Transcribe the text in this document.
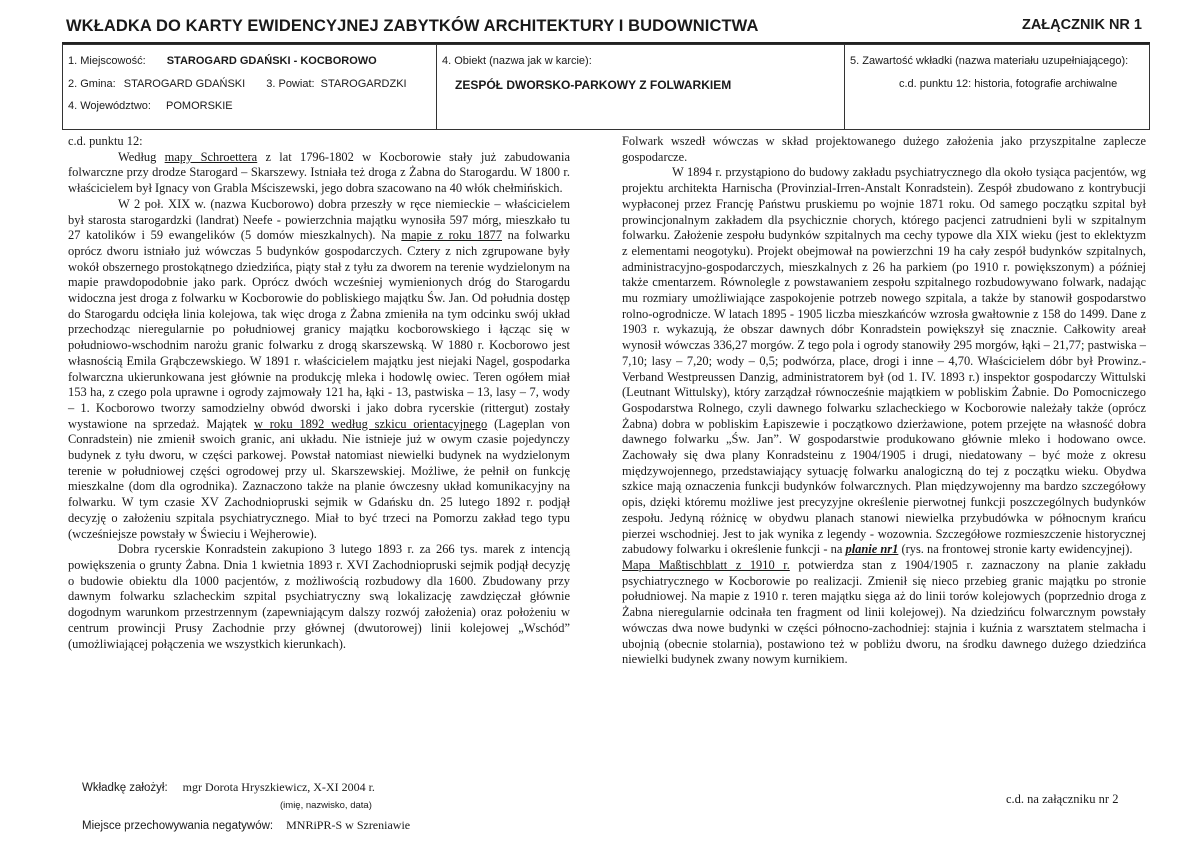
WKŁADKA DO KARTY EWIDENCYJNEJ ZABYTKÓW ARCHITEKTURY I BUDOWNICTWA	ZAŁĄCZNIK NR 1
1. Miejscowość: STAROGARD GDAŃSKI - KOCBOROWO
2. Gmina: STAROGARD GDAŃSKI 3. Powiat: STAROGARDZKI
4. Województwo: POMORSKIE
4. Obiekt (nazwa jak w karcie):
ZESPÓŁ DWORSKO-PARKOWY Z FOLWARKIEM
5. Zawartość wkładki (nazwa materiału uzupełniającego):
c.d. punktu 12: historia, fotografie archiwalne

c.d. punktu 12:

Według mapy Schroettera z lat 1796-1802 w Kocborowie stały już zabudowania folwarczne przy drodze Starogard – Skarszewy. Istniała też droga z Żabna do Starogardu. W 1800 r. właścicielem był Ignacy von Grabla Mściszewski, jego dobra szacowano na 40 włók chełmińskich.

W 2 poł. XIX w. (nazwa Kucborowo) dobra przeszły w ręce niemieckie – właścicielem był starosta starogardzki (landrat) Neefe - powierzchnia majątku wynosiła 597 mórg, mieszkało tu 27 katolików i 59 ewangelików (5 domów mieszkalnych). Na mapie z roku 1877 na folwarku oprócz dworu istniało już wówczas 5 budynków gospodarczych. Cztery z nich zgrupowane były wokół obszernego prostokątnego dziedzińca, piąty stał z tyłu za dworem na terenie wydzielonym na mapie prawdopodobnie jako park. Oprócz dwóch wcześniej wymienionych dróg do Starogardu widoczna jest droga z folwarku w Kocborowie do pobliskiego majątku Św. Jan. Od południa dostęp do Starogardu odcięła linia kolejowa, tak więc droga z Żabna zmieniła na tym odcinku swój układ przechodząc nieregularnie po południowej granicy majątku kocborowskiego i łącząc się w południowo-wschodnim narożu granic folwarku z drogą skarszewską. W 1880 r. Kocborowo jest własnością Emila Grąbczewskiego. W 1891 r. właścicielem majątku jest niejaki Nagel, gospodarka folwarczna ukierunkowana jest głównie na produkcję mleka i hodowlę owiec. Teren ogółem miał 153 ha, z czego pola uprawne i ogrody zajmowały 121 ha, łąki - 13, pastwiska – 13, lasy – 7, wody – 1. Kocborowo tworzy samodzielny obwód dworski i jako dobra rycerskie (rittergut) zostały wystawione na sprzedaż. Majątek w roku 1892 według szkicu orientacyjnego (Lageplan von Conradstein) nie zmienił swoich granic, ani układu. Nie istnieje już w owym czasie pojedynczy budynek z tyłu dworu, w części parkowej. Powstał natomiast niewielki budynek na wydzielonym terenie w południowej części ogrodowej przy ul. Skarszewskiej. Możliwe, że pełnił on funkcję mieszkalne (dom dla ogrodnika). Zaznaczono także na planie ówczesny układ komunikacyjny na folwarku. W tym czasie XV Zachodniopruski sejmik w Gdańsku dn. 25 lutego 1892 r. podjął decyzję o założeniu szpitala psychiatrycznego. Miał to być trzeci na Pomorzu zakład tego typu (wcześniejsze powstały w Świeciu i Wejherowie).

Dobra rycerskie Konradstein zakupiono 3 lutego 1893 r. za 266 tys. marek z intencją powiększenia o grunty Żabna. Dnia 1 kwietnia 1893 r. XVI Zachodniopruski sejmik podjął decyzję o budowie obiektu dla 1000 pacjentów, z możliwością rozbudowy dla 1600. Zbudowany przy dawnym folwarku szlacheckim szpital psychiatryczny swą lokalizację zawdzięczał głównie dogodnym warunkom przestrzennym (zapewniającym dalszy rozwój założenia) oraz położeniu w centrum prowincji Prusy Zachodnie przy głównej (dwutorowej) linii kolejowej „Wschód” (umożliwiającej połączenia we wszystkich kierunkach).

Folwark wszedł wówczas w skład projektowanego dużego założenia jako przyszpitalne zaplecze gospodarcze.

W 1894 r. przystąpiono do budowy zakładu psychiatrycznego dla około tysiąca pacjentów, wg projektu architekta Harnischa (Provinzial-Irren-Anstalt Konradstein). Zespół zbudowano z kontrybucji wypłaconej przez Francję Państwu pruskiemu po wojnie 1871 roku. Od samego początku szpital był prowincjonalnym zakładem dla psychicznie chorych, którego pacjenci zatrudnieni byli w szpitalnym folwarku. Założenie zespołu budynków szpitalnych ma cechy typowe dla XIX wieku (jest to eklektyzm z elementami neogotyku). Projekt obejmował na powierzchni 19 ha cały zespół budynków szpitalnych, administracyjno-gospodarczych, mieszkalnych z 26 ha parkiem (po 1910 r. powiększonym) a później także cmentarzem. Równolegle z powstawaniem zespołu szpitalnego rozbudowywano folwark, nadając mu rozmiary umożliwiające zaspokojenie potrzeb nowego szpitala, a także by stanowił gospodarstwo rolno-ogrodnicze. W latach 1895 - 1905 liczba mieszkańców wzrosła gwałtownie z 158 do 1499. Dane z 1903 r. wykazują, że obszar dawnych dóbr Konradstein powiększył się znacznie. Całkowity areał wynosił wówczas 336,27 morgów. Z tego pola i ogrody stanowiły 295 morgów, łąki – 21,77; pastwiska – 7,10; lasy – 7,20; wody – 0,5; podwórza, place, drogi i inne – 4,70. Właścicielem dóbr był Prowinz.-Verband Westpreussen Danzig, administratorem był (od 1. IV. 1893 r.) inspektor gospodarczy Wittulski (Leutnant Wittulsky), który zarządzał równocześnie majątkiem w pobliskim Żabnie. Do Pomocniczego Gospodarstwa Rolnego, czyli dawnego folwarku szlacheckiego w Kocborowie należały także (oprócz Żabna) dobra w pobliskim Łapiszewie i początkowo dzierżawione, potem przejęte na własność dobra dawnego folwarku „Św. Jan”. W gospodarstwie produkowano głównie mleko i hodowano owce. Zachowały się dwa plany Konradsteinu z 1904/1905 i drugi, niedatowany – być może z okresu międzywojennego, przedstawiający sytuację folwarku analogiczną do tej z początku wieku. Obydwa szkice mają oznaczenia funkcji budynków folwarcznych. Plan międzywojenny ma bardzo szczegółowy opis, dzięki któremu możliwe jest precyzyjne określenie pierwotnej funkcji poszczególnych budynków zespołu. Jedyną różnicę w obydwu planach stanowi niewielka przybudówka w północnym krańcu pierzei wschodniej. Jest to jak wynika z legendy - wozownia. Szczegółowe rozmieszczenie historycznej zabudowy folwarku i określenie funkcji - na planie nr1 (rys. na frontowej stronie karty ewidencyjnej).

Mapa Maßtischblatt z 1910 r. potwierdza stan z 1904/1905 r. zaznaczony na planie zakładu psychiatrycznego w Kocborowie po realizacji. Zmienił się nieco przebieg granic majątku po stronie południowej. Na mapie z 1910 r. teren majątku sięga aż do linii torów kolejowych (poprzednio droga z Żabna nieregularnie odcinała ten fragment od linii kolejowej). Na dziedzińcu folwarcznym powstały wówczas dwa nowe budynki w części północno-zachodniej: stajnia i kuźnia z warsztatem stelmacha i ubojnią (obecnie stolarnia), postawiono też w pobliżu dworu, na środku dawnego dużego dziedzińca niewielki budynek zwany nowym kurnikiem.

Wkładkę założył: mgr Dorota Hryszkiewicz, X-XI 2004 r.
(imię, nazwisko, data)
Miejsce przechowywania negatywów: MNRiPR-S w Szreniawie
c.d. na załączniku nr 2
